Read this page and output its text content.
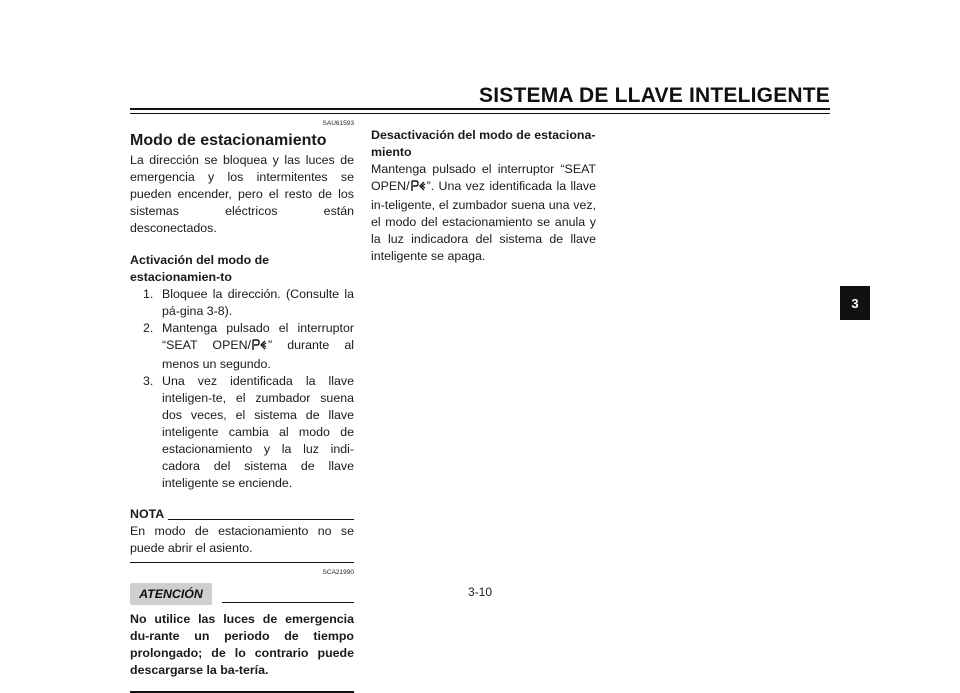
SISTEMA DE LLAVE INTELIGENTE
3

SAU61593

Modo de estacionamiento

La dirección se bloquea y las luces de emergencia y los intermitentes se pueden encender, pero el resto de los sistemas eléctricos están desconectados.

Activación del modo de estacionamien-to
1. Bloquee la dirección. (Consulte la pá-gina 3-8).
2. Mantenga pulsado el interruptor “SEAT OPEN/ ” durante al menos un segundo.
3. Una vez identificada la llave inteligen-te, el zumbador suena dos veces, el sistema de llave inteligente cambia al modo de estacionamiento y la luz indi-cadora del sistema de llave inteligente se enciende.
NOTA

En modo de estacionamiento no se puede abrir el asiento.

SCA21990

ATENCIÓN

No utilice las luces de emergencia du-rante un periodo de tiempo prolongado; de lo contrario puede descargarse la ba-tería.

Desactivación del modo de estaciona-miento

Mantenga pulsado el interruptor “SEAT OPEN/ ”. Una vez identificada la llave in-teligente, el zumbador suena una vez, el modo del estacionamiento se anula y la luz indicadora del sistema de llave inteligente se apaga.

3-10
